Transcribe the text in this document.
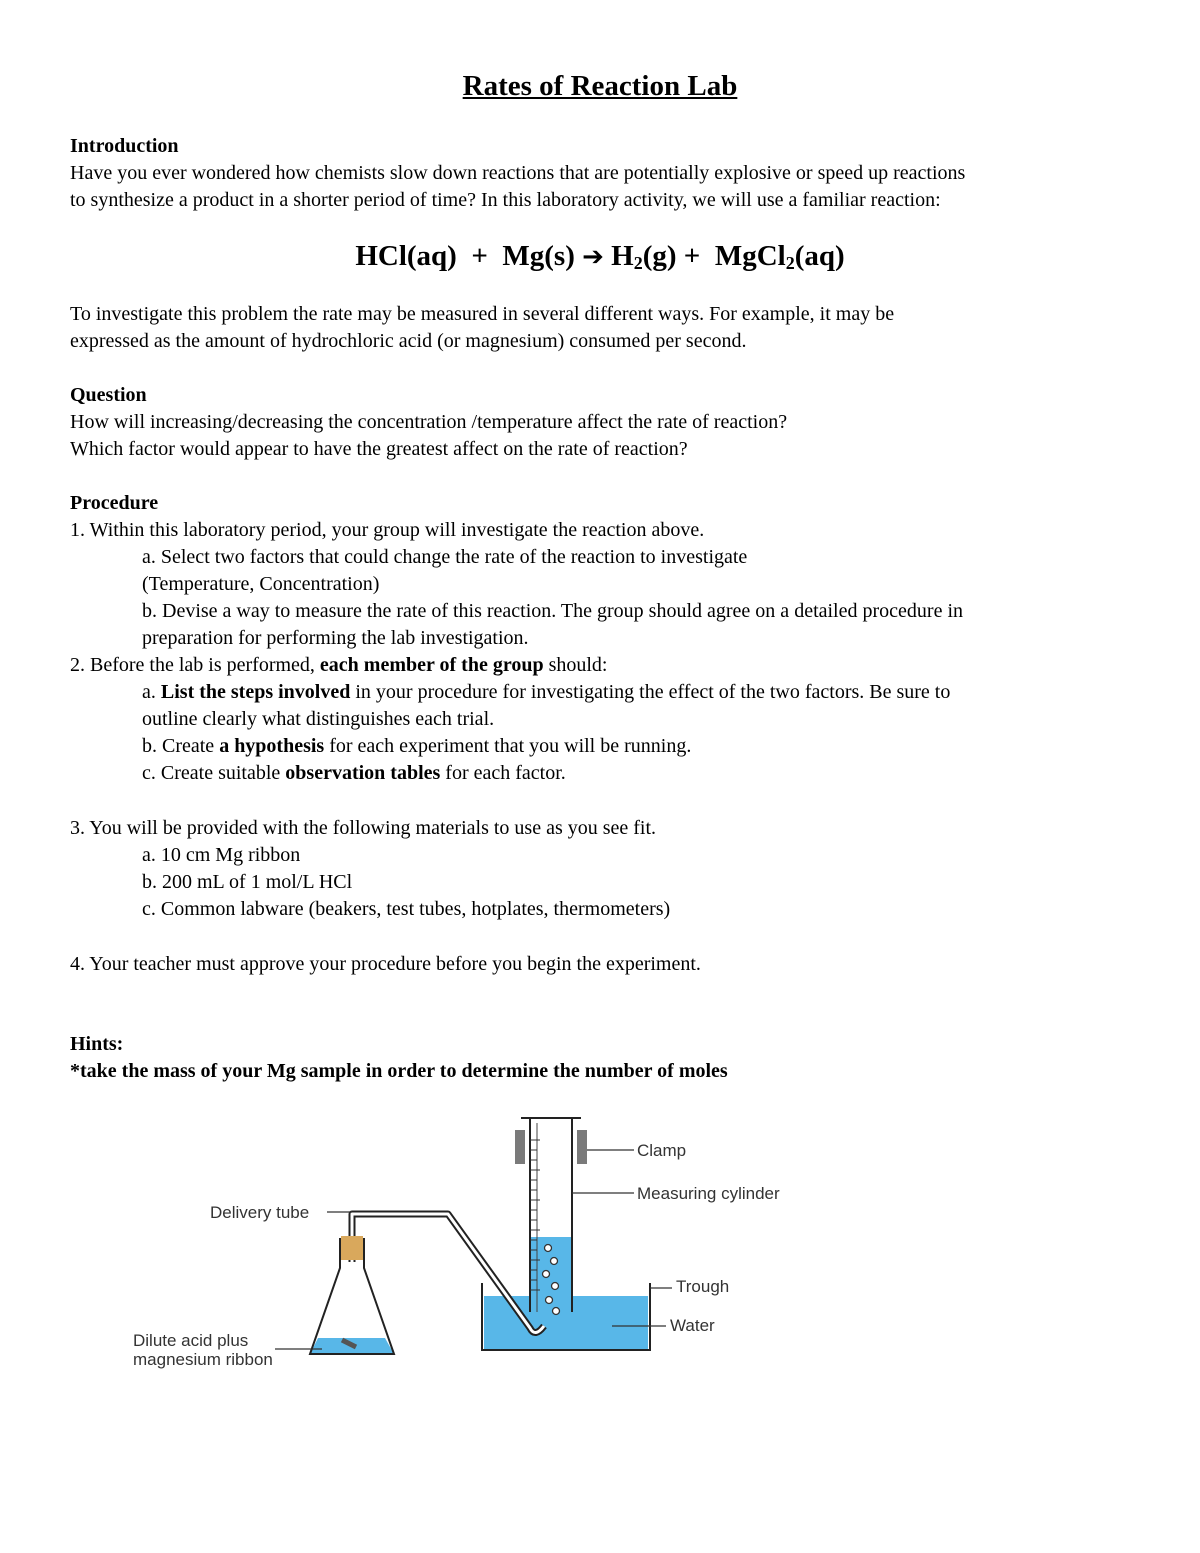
Rates of Reaction Lab
Introduction
Have you ever wondered how chemists slow down reactions that are potentially explosive or speed up reactions
to synthesize a product in a shorter period of time? In this laboratory activity, we will use a familiar reaction:
HCl(aq) + Mg(s) ➔ $H_2(g)$ + MgCl$_2$(aq)
To investigate this problem the rate may be measured in several different ways. For example, it may be
expressed as the amount of hydrochloric acid (or magnesium) consumed per second.
Question
How will increasing/decreasing the concentration /temperature affect the rate of reaction?
Which factor would appear to have the greatest affect on the rate of reaction?
Procedure
1. Within this laboratory period, your group will investigate the reaction above.
a. Select two factors that could change the rate of the reaction to investigate
(Temperature, Concentration)
b. Devise a way to measure the rate of this reaction. The group should agree on a detailed procedure in
preparation for performing the lab investigation.
2. Before the lab is performed, each member of the group should:
a. List the steps involved in your procedure for investigating the effect of the two factors. Be sure to
outline clearly what distinguishes each trial.
b. Create a hypothesis for each experiment that you will be running.
c. Create suitable observation tables for each factor.
3. You will be provided with the following materials to use as you see fit.
a. 10 cm Mg ribbon
b. 200 mL of 1 mol/L HCl
c. Common labware (beakers, test tubes, hotplates, thermometers)
4. Your teacher must approve your procedure before you begin the experiment.
Hints:
*take the mass of your Mg sample in order to determine the number of moles
Clamp
Measuring cylinder
Delivery tube
Trough
Water
Dilute acid plus
magnesium ribbon
